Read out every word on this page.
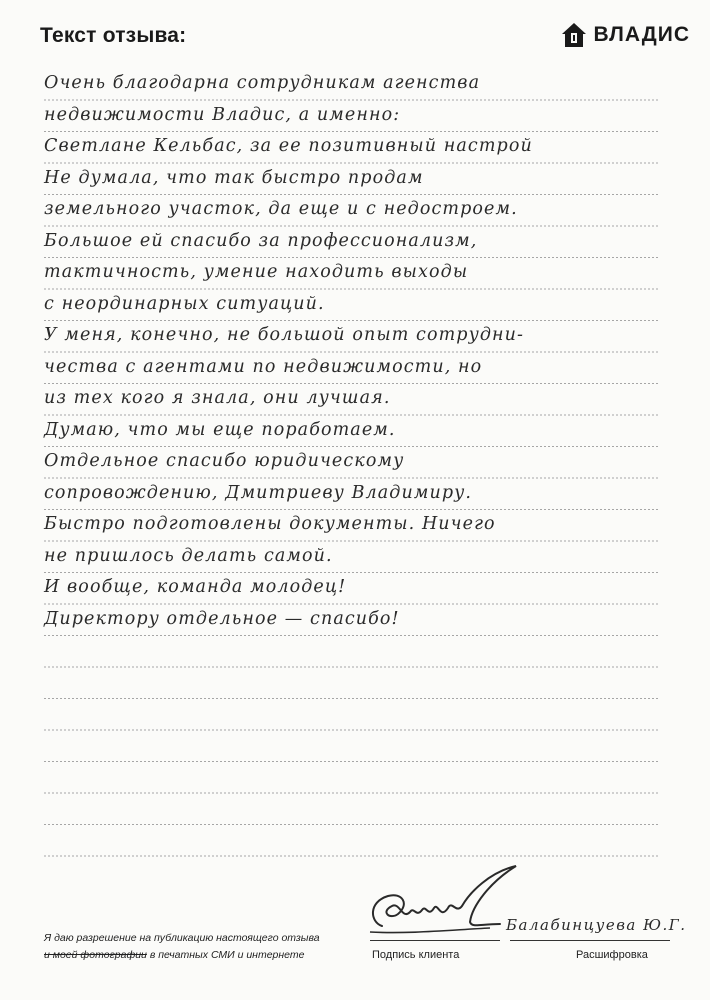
Текст отзыва:	ВЛАДИС
Очень благодарна сотрудникам агенства
недвижимости Владис, а именно:
Светлане Кельбас, за ее позитивный настрой
Не думала, что так быстро продам
земельного участок, да еще и с недостроем.
Большое ей спасибо за профессионализм,
тактичность, умение находить выходы
с неординарных ситуаций.
У меня, конечно, не большой опыт сотрудни-
чества с агентами по недвижимости, но
из тех кого я знала, они лучшая.
Думаю, что мы еще поработаем.
Отдельное спасибо юридическому
сопровождению, Дмитриеву Владимиру.
Быстро подготовлены документы. Ничего
не пришлось делать самой.
И вообще, команда молодец!
Директору отдельное — спасибо!
Я даю разрешение на публикацию настоящего отзыва
и моей фотографии в печатных СМИ и интернете	Подпись клиента	Расшифровка
Балабинцуева Ю.Г.
